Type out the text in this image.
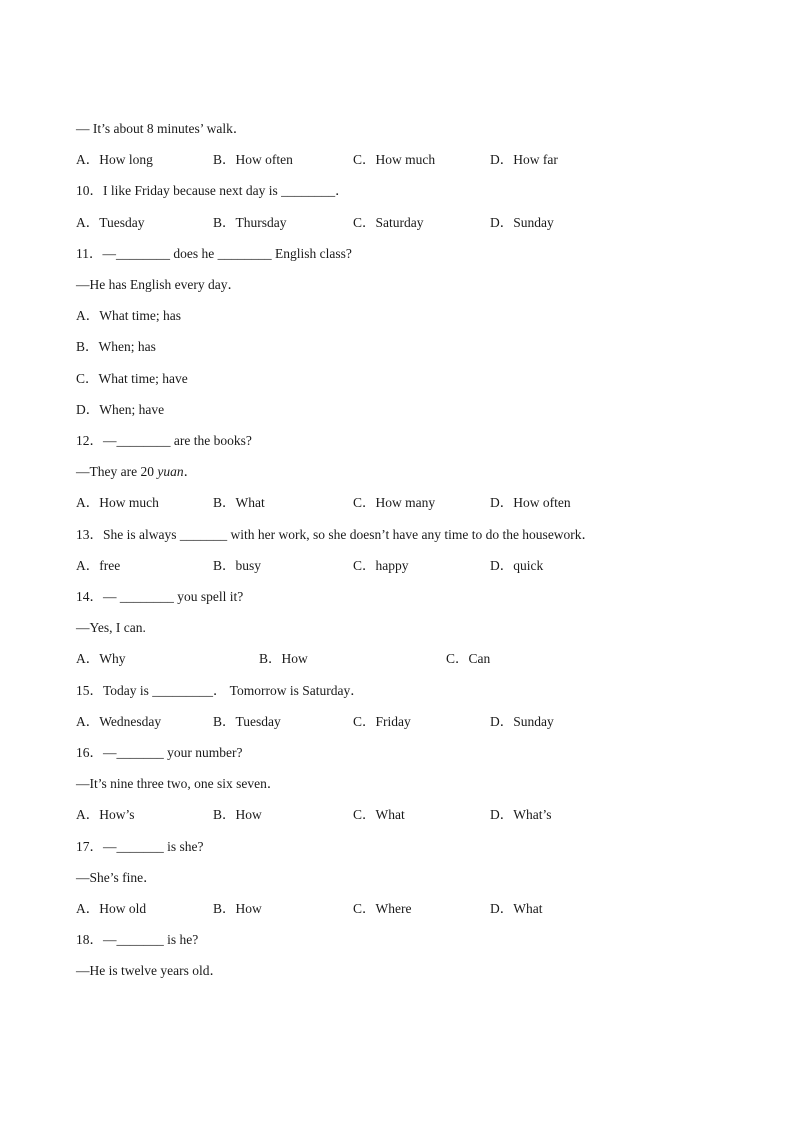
— It’s about 8 minutes’ walk．
A．How long	B．How often	C．How much	D．How far
10．I like Friday because next day is ________．
A．Tuesday	B．Thursday	C．Saturday	D．Sunday
11．—________ does he ________ English class?
—He has English every day．
A．What time; has
B．When; has
C．What time; have
D．When; have
12．—________ are the books?
—They are 20 yuan．
A．How much	B．What	C．How many	D．How often
13．She is always _______ with her work, so she doesn’t have any time to do the housework．
A．free	B．busy	C．happy	D．quick
14．— ________ you spell it?
—Yes, I can.
A．Why	B．How	C．Can
15．Today is _________． Tomorrow is Saturday．
A．Wednesday	B．Tuesday	C．Friday	D．Sunday
16．—_______ your number?
—It’s nine three two, one six seven．
A．How’s	B．How	C．What	D．What’s
17．—_______ is she?
—She’s fine．
A．How old	B．How	C．Where	D．What
18．—_______ is he?
—He is twelve years old．
